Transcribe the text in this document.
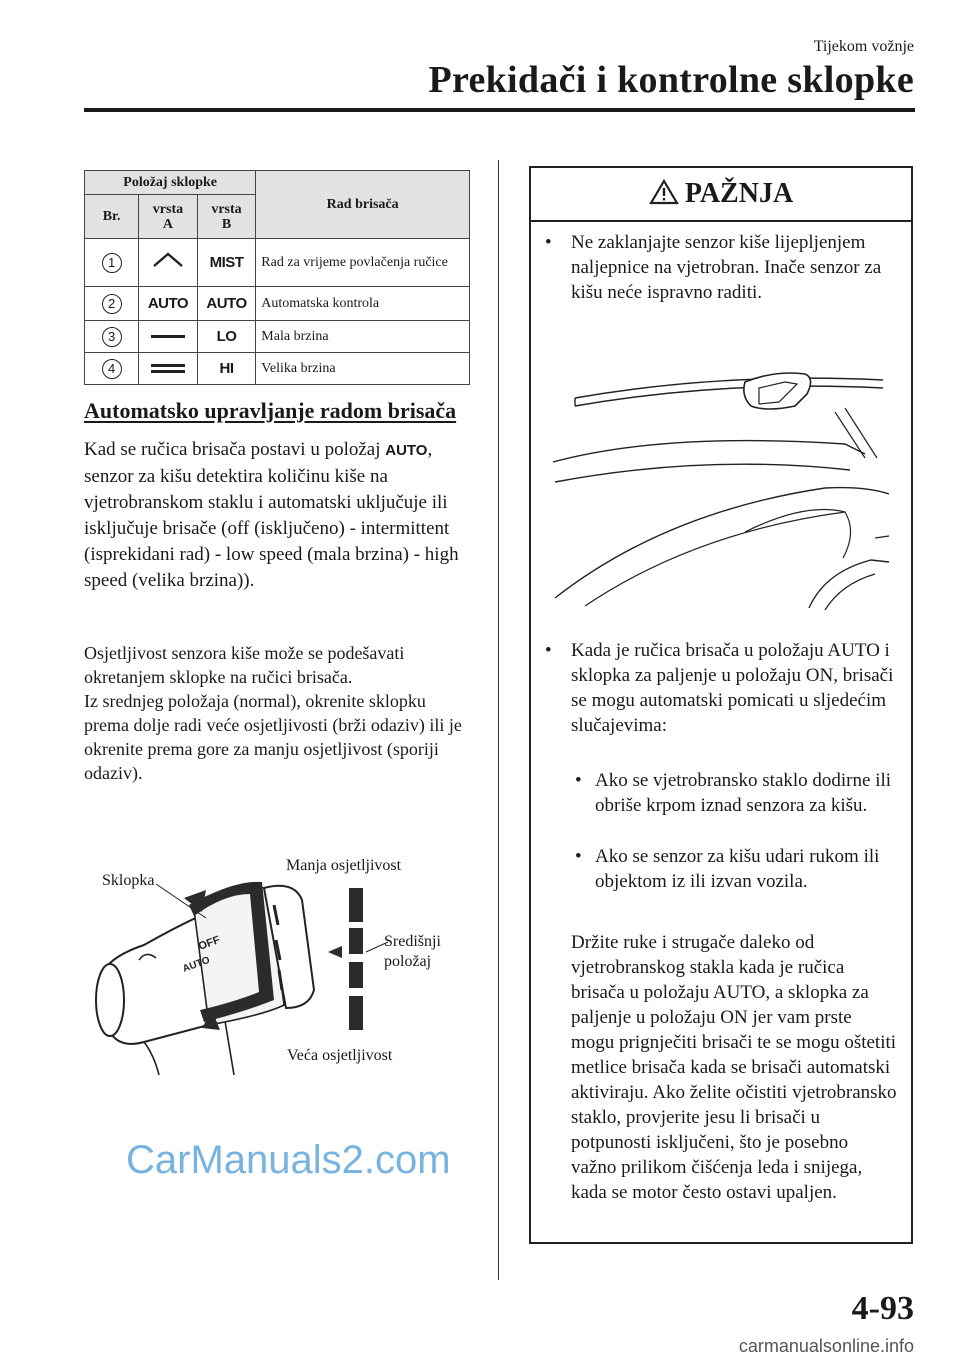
Tijekom vožnje
Prekidači i kontrolne sklopke
Položaj sklopke			Rad brisača
Br.	vrsta A	vrsta B	
1		MIST	Rad za vrijeme povlačenja ručice
2	AUTO	AUTO	Automatska kontrola
3		LO	Mala brzina
4		HI	Velika brzina
Automatsko upravljanje radom brisača
Kad se ručica brisača postavi u položaj AUTO, senzor za kišu detektira količinu kiše na vjetrobranskom staklu i automatski uključuje ili isključuje brisače (off (isključeno) - intermittent (isprekidani rad) - low speed (mala brzina) - high speed (velika brzina)).
Osjetljivost senzora kiše može se podešavati okretanjem sklopke na ručici brisača.
Iz srednjeg položaja (normal), okrenite sklopku prema dolje radi veće osjetljivosti (brži odaziv) ili je okrenite prema gore za manju osjetljivost (sporiji odaziv).
OFF
AUTO
Sklopka
Manja osjetljivost
Središnji
položaj
Veća osjetljivost
PAŽNJA
• Ne zaklanjajte senzor kiše lijepljenjem naljepnice na vjetrobran. Inače senzor za kišu neće ispravno raditi.
• Kada je ručica brisača u položaju AUTO i sklopka za paljenje u položaju ON, brisači se mogu automatski pomicati u sljedećim slučajevima:
• Ako se vjetrobransko staklo dodirne ili obriše krpom iznad senzora za kišu.
• Ako se senzor za kišu udari rukom ili objektom iz ili izvan vozila.
Držite ruke i strugače daleko od vjetrobranskog stakla kada je ručica brisača u položaju AUTO, a sklopka za paljenje u položaju ON jer vam prste mogu prignječiti brisači te se mogu oštetiti metlice brisača kada se brisači automatski aktiviraju. Ako želite očistiti vjetrobransko staklo, provjerite jesu li brisači u potpunosti isključeni, što je posebno važno prilikom čišćenja leda i snijega, kada se motor često ostavi upaljen.
CarManuals2.com
4-93
carmanualsonline.info
